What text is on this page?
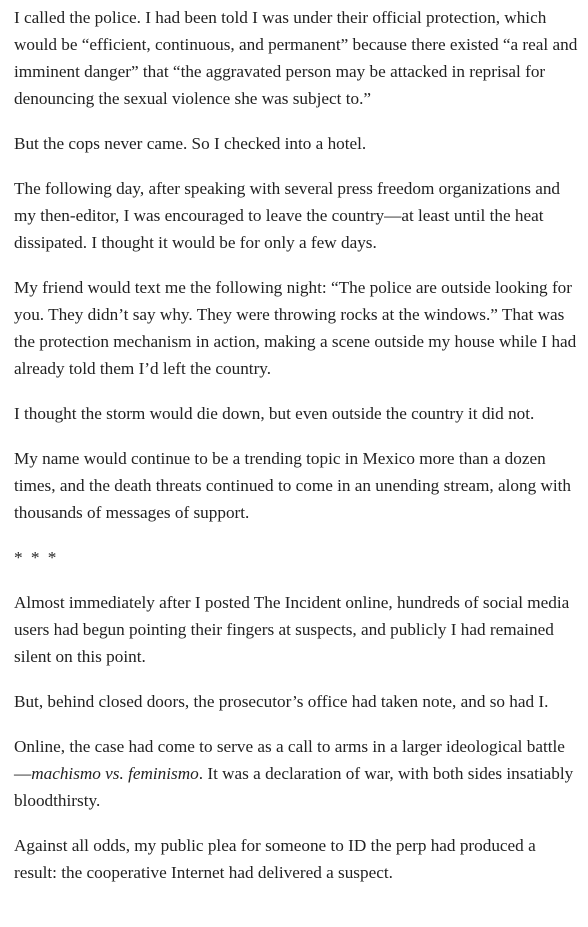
I called the police. I had been told I was under their official protection, which would be “efficient, continuous, and permanent” because there existed “a real and imminent danger” that “the aggravated person may be attacked in reprisal for denouncing the sexual violence she was subject to.”

But the cops never came. So I checked into a hotel.

The following day, after speaking with several press freedom organizations and my then-editor, I was encouraged to leave the country—at least until the heat dissipated. I thought it would be for only a few days.

My friend would text me the following night: “The police are outside looking for you. They didn’t say why. They were throwing rocks at the windows.” That was the protection mechanism in action, making a scene outside my house while I had already told them I’d left the country.

I thought the storm would die down, but even outside the country it did not.

My name would continue to be a trending topic in Mexico more than a dozen times, and the death threats continued to come in an unending stream, along with thousands of messages of support.

* * *

Almost immediately after I posted The Incident online, hundreds of social media users had begun pointing their fingers at suspects, and publicly I had remained silent on this point.

But, behind closed doors, the prosecutor’s office had taken note, and so had I.

Online, the case had come to serve as a call to arms in a larger ideological battle—machismo vs. feminismo. It was a declaration of war, with both sides insatiably bloodthirsty.

Against all odds, my public plea for someone to ID the perp had produced a result: the cooperative Internet had delivered a suspect.
